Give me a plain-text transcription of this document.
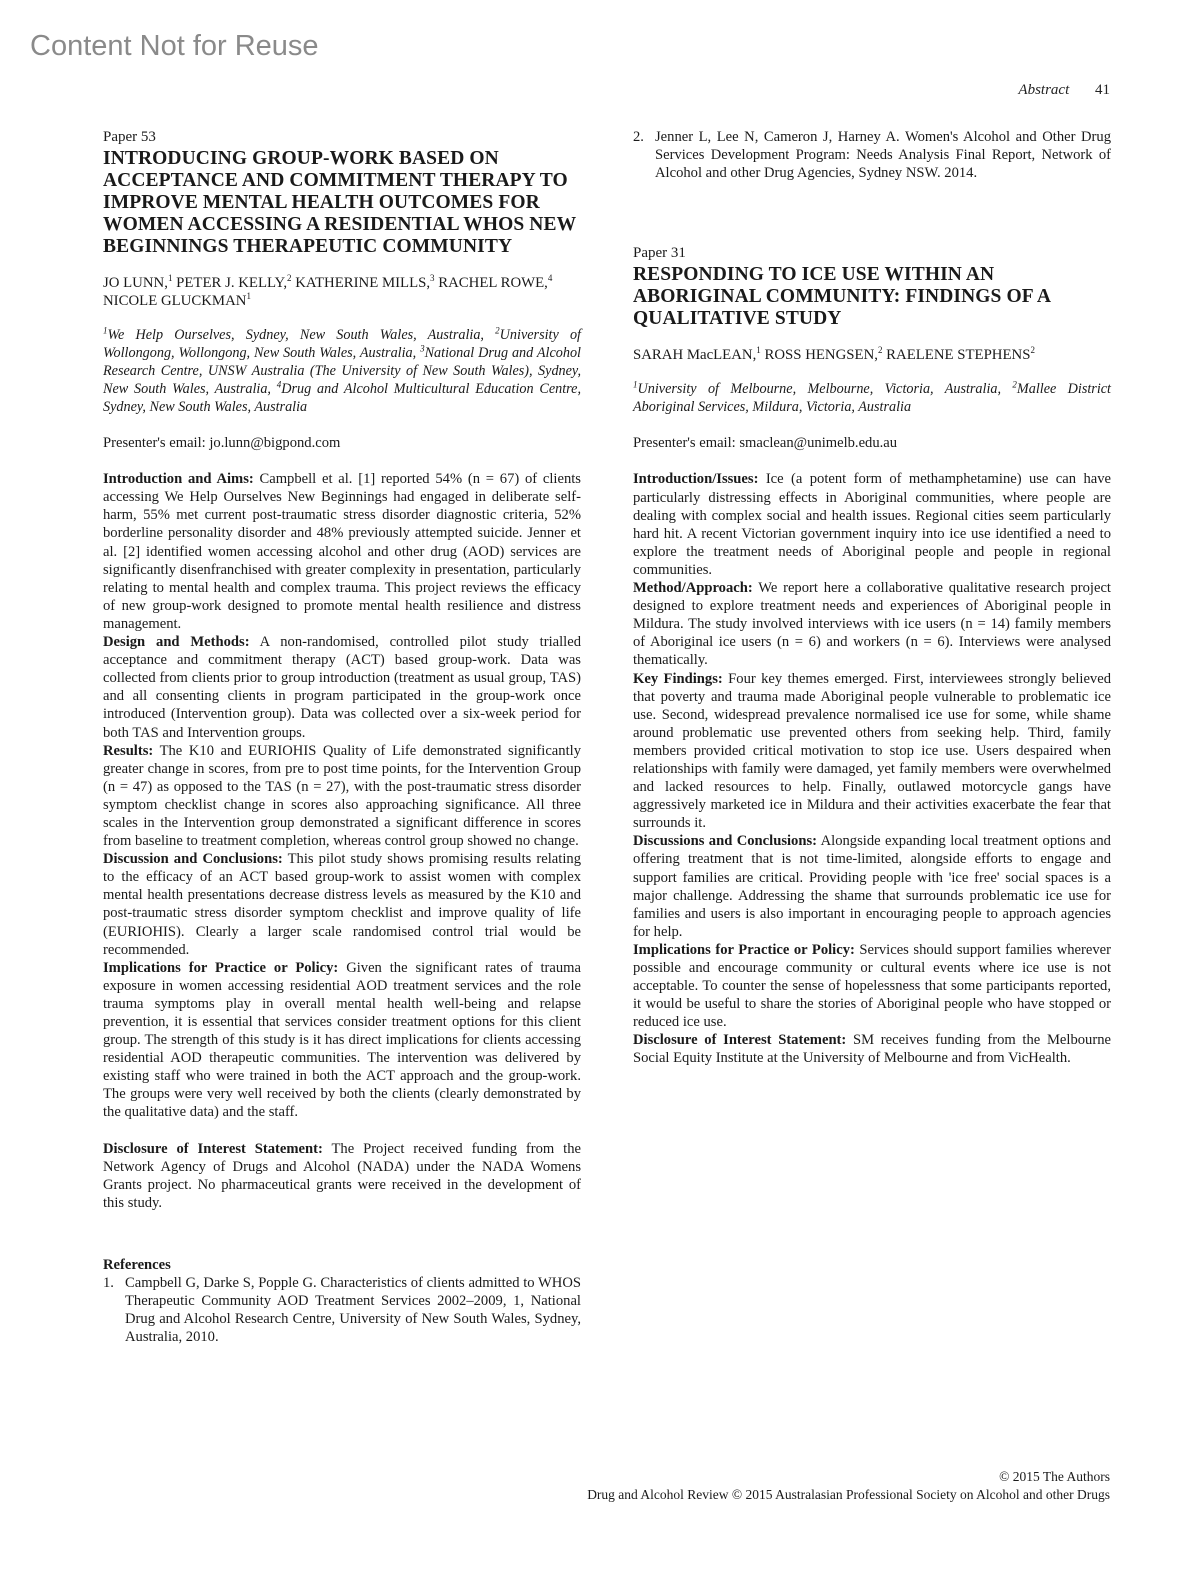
Content Not for Reuse
Abstract 41

Paper 53

INTRODUCING GROUP-WORK BASED ON ACCEPTANCE AND COMMITMENT THERAPY TO IMPROVE MENTAL HEALTH OUTCOMES FOR WOMEN ACCESSING A RESIDENTIAL WHOS NEW BEGINNINGS THERAPEUTIC COMMUNITY

JO LUNN,$^1$ PETER J. KELLY,$^2$ KATHERINE MILLS,$^3$ RACHEL ROWE,$^4$ NICOLE GLUCKMAN$^1$

$^1$We Help Ourselves, Sydney, New South Wales, Australia, $^2$University of Wollongong, Wollongong, New South Wales, Australia, $^3$National Drug and Alcohol Research Centre, UNSW Australia (The University of New South Wales), Sydney, New South Wales, Australia, $^4$Drug and Alcohol Multicultural Education Centre, Sydney, New South Wales, Australia

Presenter's email: jo.lunn@bigpond.com

Introduction and Aims: Campbell et al. [1] reported 54% (n = 67) of clients accessing We Help Ourselves New Beginnings had engaged in deliberate self-harm, 55% met current post-traumatic stress disorder diagnostic criteria, 52% borderline personality disorder and 48% previously attempted suicide. Jenner et al. [2] identified women accessing alcohol and other drug (AOD) services are significantly disenfranchised with greater complexity in presentation, particularly relating to mental health and complex trauma. This project reviews the efficacy of new group-work designed to promote mental health resilience and distress management.

Design and Methods: A non-randomised, controlled pilot study trialled acceptance and commitment therapy (ACT) based group-work. Data was collected from clients prior to group introduction (treatment as usual group, TAS) and all consenting clients in program participated in the group-work once introduced (Intervention group). Data was collected over a six-week period for both TAS and Intervention groups.

Results: The K10 and EURIOHIS Quality of Life demonstrated significantly greater change in scores, from pre to post time points, for the Intervention Group (n = 47) as opposed to the TAS (n = 27), with the post-traumatic stress disorder symptom checklist change in scores also approaching significance. All three scales in the Intervention group demonstrated a significant difference in scores from baseline to treatment completion, whereas control group showed no change.

Discussion and Conclusions: This pilot study shows promising results relating to the efficacy of an ACT based group-work to assist women with complex mental health presentations decrease distress levels as measured by the K10 and post-traumatic stress disorder symptom checklist and improve quality of life (EURIOHIS). Clearly a larger scale randomised control trial would be recommended.

Implications for Practice or Policy: Given the significant rates of trauma exposure in women accessing residential AOD treatment services and the role trauma symptoms play in overall mental health well-being and relapse prevention, it is essential that services consider treatment options for this client group. The strength of this study is it has direct implications for clients accessing residential AOD therapeutic communities. The intervention was delivered by existing staff who were trained in both the ACT approach and the group-work. The groups were very well received by both the clients (clearly demonstrated by the qualitative data) and the staff.

Disclosure of Interest Statement: The Project received funding from the Network Agency of Drugs and Alcohol (NADA) under the NADA Womens Grants project. No pharmaceutical grants were received in the development of this study.

References

1. Campbell G, Darke S, Popple G. Characteristics of clients admitted to WHOS Therapeutic Community AOD Treatment Services 2002–2009, 1, National Drug and Alcohol Research Centre, University of New South Wales, Sydney, Australia, 2010.
2. Jenner L, Lee N, Cameron J, Harney A. Women's Alcohol and Other Drug Services Development Program: Needs Analysis Final Report, Network of Alcohol and other Drug Agencies, Sydney NSW. 2014.

Paper 31

RESPONDING TO ICE USE WITHIN AN ABORIGINAL COMMUNITY: FINDINGS OF A QUALITATIVE STUDY

SARAH MacLEAN,$^1$ ROSS HENGSEN,$^2$ RAELENE STEPHENS$^2$

$^1$University of Melbourne, Melbourne, Victoria, Australia, $^2$Mallee District Aboriginal Services, Mildura, Victoria, Australia

Presenter's email: smaclean@unimelb.edu.au

Introduction/Issues: Ice (a potent form of methamphetamine) use can have particularly distressing effects in Aboriginal communities, where people are dealing with complex social and health issues. Regional cities seem particularly hard hit. A recent Victorian government inquiry into ice use identified a need to explore the treatment needs of Aboriginal people and people in regional communities.

Method/Approach: We report here a collaborative qualitative research project designed to explore treatment needs and experiences of Aboriginal people in Mildura. The study involved interviews with ice users (n = 14) family members of Aboriginal ice users (n = 6) and workers (n = 6). Interviews were analysed thematically.

Key Findings: Four key themes emerged. First, interviewees strongly believed that poverty and trauma made Aboriginal people vulnerable to problematic ice use. Second, widespread prevalence normalised ice use for some, while shame around problematic use prevented others from seeking help. Third, family members provided critical motivation to stop ice use. Users despaired when relationships with family were damaged, yet family members were overwhelmed and lacked resources to help. Finally, outlawed motorcycle gangs have aggressively marketed ice in Mildura and their activities exacerbate the fear that surrounds it.

Discussions and Conclusions: Alongside expanding local treatment options and offering treatment that is not time-limited, alongside efforts to engage and support families are critical. Providing people with 'ice free' social spaces is a major challenge. Addressing the shame that surrounds problematic ice use for families and users is also important in encouraging people to approach agencies for help.

Implications for Practice or Policy: Services should support families wherever possible and encourage community or cultural events where ice use is not acceptable. To counter the sense of hopelessness that some participants reported, it would be useful to share the stories of Aboriginal people who have stopped or reduced ice use.

Disclosure of Interest Statement: SM receives funding from the Melbourne Social Equity Institute at the University of Melbourne and from VicHealth.

© 2015 The Authors
Drug and Alcohol Review © 2015 Australasian Professional Society on Alcohol and other Drugs
